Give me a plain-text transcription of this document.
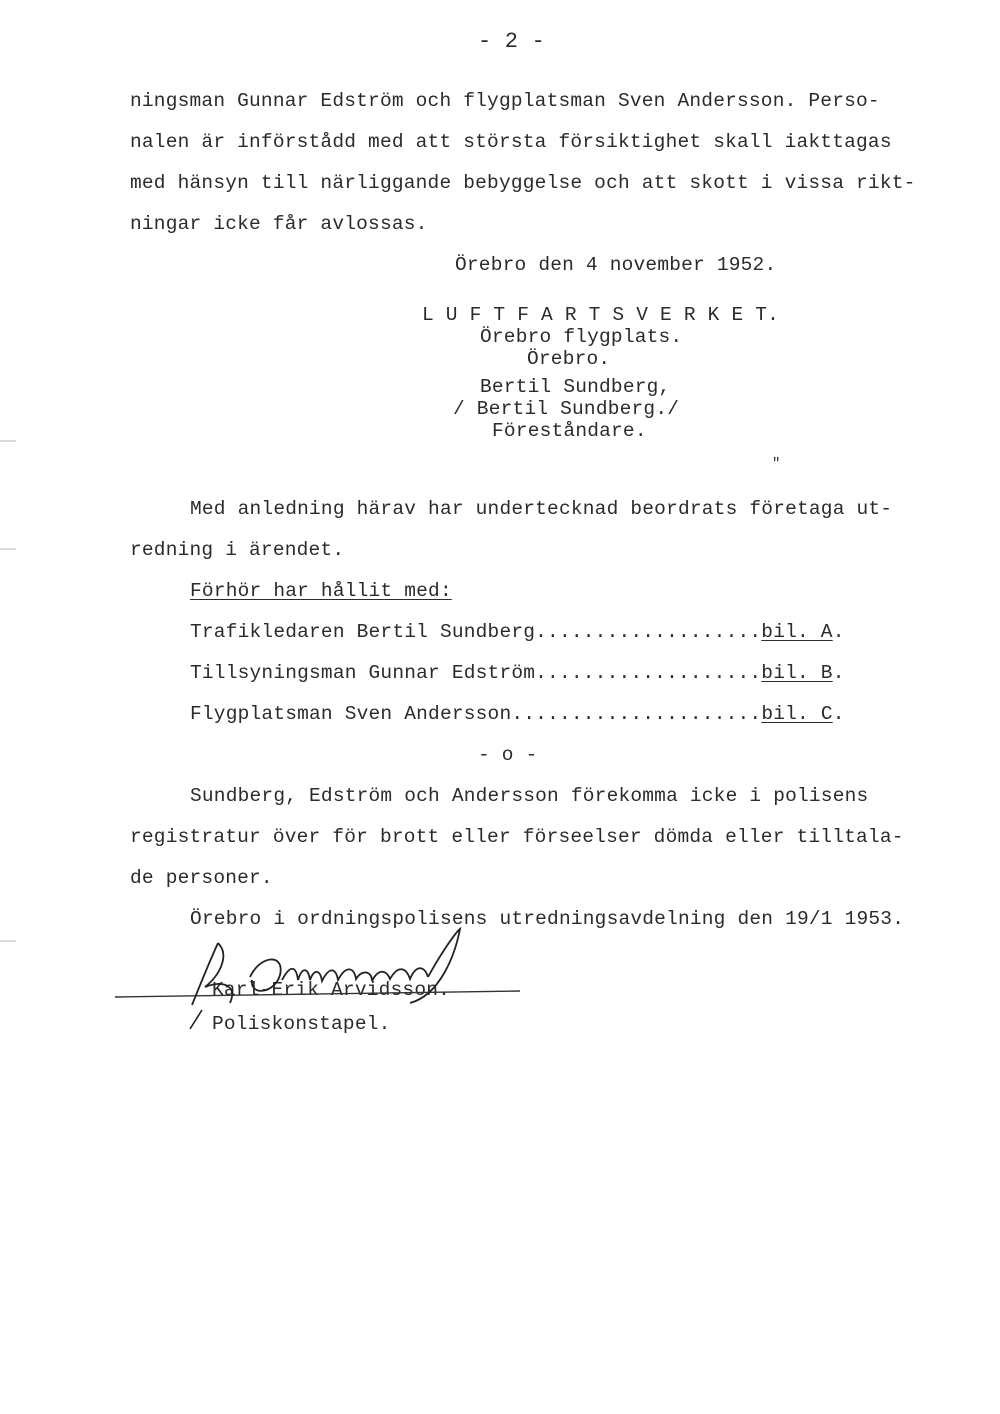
- 2 -
ningsman Gunnar Edström och flygplatsman Sven Andersson. Perso-
nalen är införstådd med att största försiktighet skall iakttagas
med hänsyn till närliggande bebyggelse och att skott i vissa rikt-
ningar icke får avlossas.
Örebro den 4 november 1952.
L U F T F A R T S V E R K E T.
Örebro flygplats.
Örebro.
Bertil Sundberg,
/ Bertil Sundberg./
Föreståndare.
"
Med anledning härav har undertecknad beordrats företaga ut-
redning i ärendet.
Förhör har hållit med:
Trafikledaren Bertil Sundberg...................bil. A.
Tillsyningsman Gunnar Edström...................bil. B.
Flygplatsman Sven Andersson.....................bil. C.
- o -
Sundberg, Edström och Andersson förekomma icke i polisens
registratur över för brott eller förseelser dömda eller tilltala-
de personer.
Örebro i ordningspolisens utredningsavdelning den 19/1 1953.
Karl-Erik Arvidsson.
Poliskonstapel.
